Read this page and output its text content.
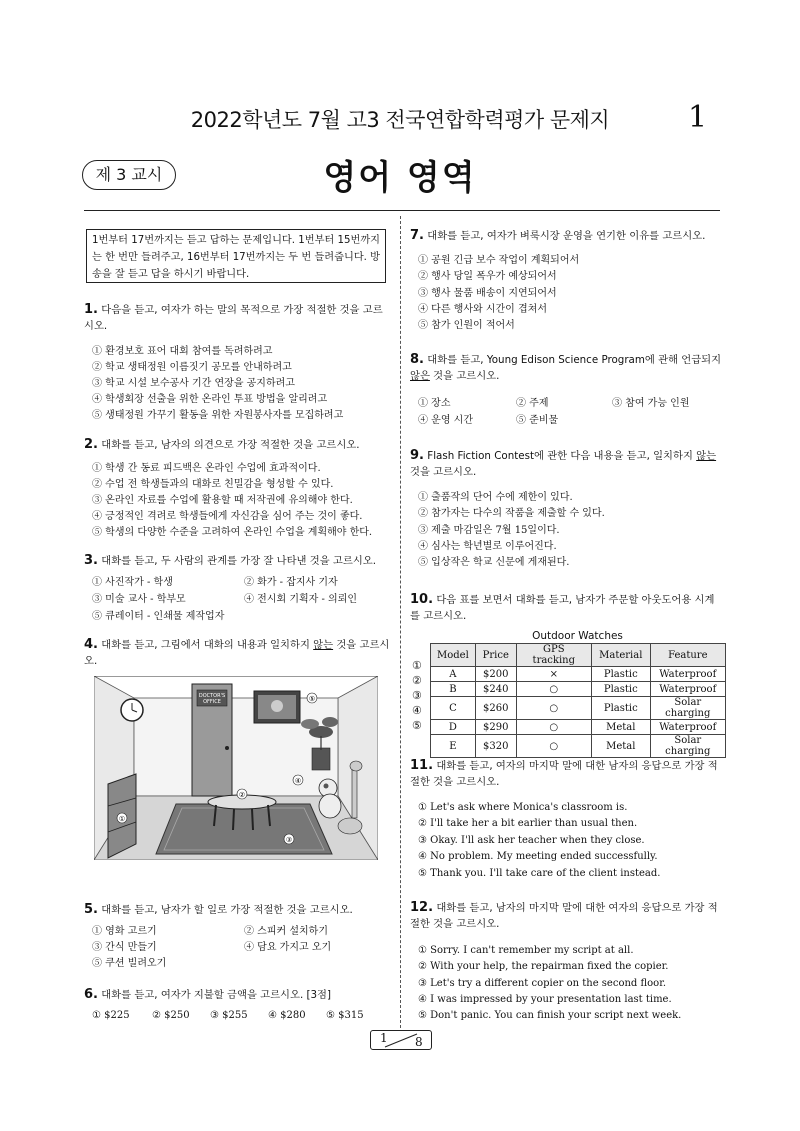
2022학년도 7월 고3 전국연합학력평가 문제지	1
제 3 교시	영어 영역
1번부터 17번까지는 듣고 답하는 문제입니다. 1번부터 15번까지는 한 번만 들려주고, 16번부터 17번까지는 두 번 들려줍니다. 방송을 잘 듣고 답을 하시기 바랍니다.
1. 다음을 듣고, 여자가 하는 말의 목적으로 가장 적절한 것을 고르시오.
① 환경보호 표어 대회 참여를 독려하려고
② 학교 생태정원 이름짓기 공모를 안내하려고
③ 학교 시설 보수공사 기간 연장을 공지하려고
④ 학생회장 선출을 위한 온라인 투표 방법을 알리려고
⑤ 생태정원 가꾸기 활동을 위한 자원봉사자를 모집하려고
2. 대화를 듣고, 남자의 의견으로 가장 적절한 것을 고르시오.
① 학생 간 동료 피드백은 온라인 수업에 효과적이다.
② 수업 전 학생들과의 대화로 친밀감을 형성할 수 있다.
③ 온라인 자료를 수업에 활용할 때 저작권에 유의해야 한다.
④ 긍정적인 격려로 학생들에게 자신감을 심어 주는 것이 좋다.
⑤ 학생의 다양한 수준을 고려하여 온라인 수업을 계획해야 한다.
3. 대화를 듣고, 두 사람의 관계를 가장 잘 나타낸 것을 고르시오.
① 사진작가 - 학생	② 화가 - 잡지사 기자
③ 미술 교사 - 학부모	④ 전시회 기획자 - 의뢰인
⑤ 큐레이터 - 인쇄물 제작업자
4. 대화를 듣고, 그림에서 대화의 내용과 일치하지 않는 것을 고르시오.
DOCTOR'S
OFFICE	⑤
①
③
②
④
5. 대화를 듣고, 남자가 할 일로 가장 적절한 것을 고르시오.
① 영화 고르기	② 스피커 설치하기
③ 간식 만들기	④ 담요 가지고 오기
⑤ 쿠션 빌려오기
6. 대화를 듣고, 여자가 지불할 금액을 고르시오. [3점]
① $225 ② $250 ③ $255 ④ $280 ⑤ $315
7. 대화를 듣고, 여자가 벼룩시장 운영을 연기한 이유를 고르시오.
① 공원 긴급 보수 작업이 계획되어서
② 행사 당일 폭우가 예상되어서
③ 행사 물품 배송이 지연되어서
④ 다른 행사와 시간이 겹쳐서
⑤ 참가 인원이 적어서
8. 대화를 듣고, Young Edison Science Program에 관해 언급되지 않은 것을 고르시오.
① 장소	② 주제	③ 참여 가능 인원
④ 운영 시간	⑤ 준비물
9. Flash Fiction Contest에 관한 다음 내용을 듣고, 일치하지 않는 것을 고르시오.
① 출품작의 단어 수에 제한이 있다.
② 참가자는 다수의 작품을 제출할 수 있다.
③ 제출 마감일은 7월 15일이다.
④ 심사는 학년별로 이루어진다.
⑤ 입상작은 학교 신문에 게재된다.
10. 다음 표를 보면서 대화를 듣고, 남자가 주문할 아웃도어용 시계를 고르시오.
Outdoor Watches
Model	Price	GPS tracking	Material	Feature
A	$200	×	Plastic	Waterproof
B	$240	○	Plastic	Waterproof
C	$260	○	Plastic	Solar charging
D	$290	○	Metal	Waterproof
E	$320	○	Metal	Solar charging
①
②
③
④
⑤
11. 대화를 듣고, 여자의 마지막 말에 대한 남자의 응답으로 가장 적절한 것을 고르시오.
① Let's ask where Monica's classroom is.
② I'll take her a bit earlier than usual then.
③ Okay. I'll ask her teacher when they close.
④ No problem. My meeting ended successfully.
⑤ Thank you. I'll take care of the client instead.
12. 대화를 듣고, 남자의 마지막 말에 대한 여자의 응답으로 가장 적절한 것을 고르시오.
① Sorry. I can't remember my script at all.
② With your help, the repairman fixed the copier.
③ Let's try a different copier on the second floor.
④ I was impressed by your presentation last time.
⑤ Don't panic. You can finish your script next week.
1 8
